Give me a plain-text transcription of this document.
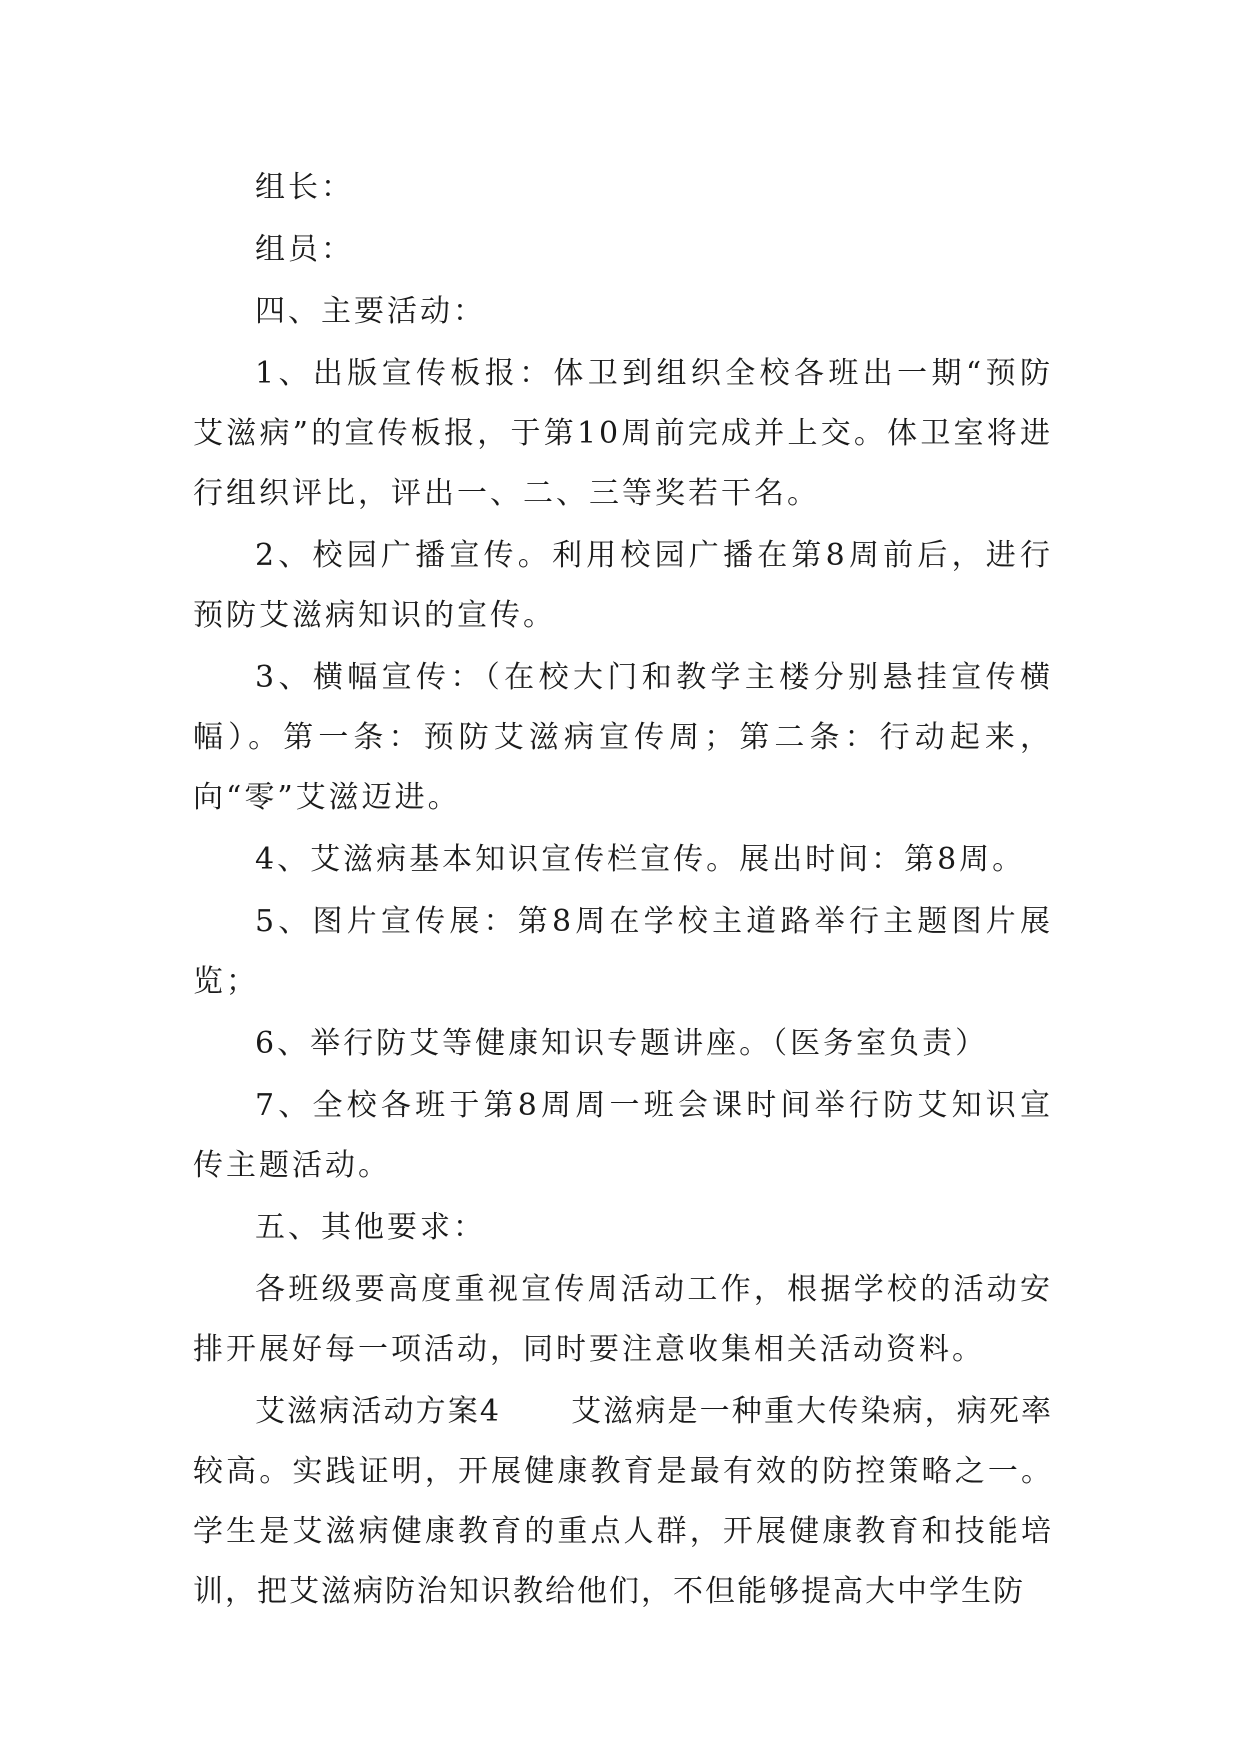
组长：

组员：

四、主要活动：

1、出版宣传板报：体卫到组织全校各班出一期“预防艾滋病”的宣传板报，于第10周前完成并上交。体卫室将进行组织评比，评出一、二、三等奖若干名。

2、校园广播宣传。利用校园广播在第8周前后，进行预防艾滋病知识的宣传。

3、横幅宣传：（在校大门和教学主楼分别悬挂宣传横幅）。第一条：预防艾滋病宣传周；第二条：行动起来，向“零”艾滋迈进。

4、艾滋病基本知识宣传栏宣传。展出时间：第8周。

5、图片宣传展：第8周在学校主道路举行主题图片展览；

6、举行防艾等健康知识专题讲座。（医务室负责）

7、全校各班于第8周周一班会课时间举行防艾知识宣传主题活动。

五、其他要求：

各班级要高度重视宣传周活动工作，根据学校的活动安排开展好每一项活动，同时要注意收集相关活动资料。

艾滋病活动方案4 艾滋病是一种重大传染病，病死率较高。实践证明，开展健康教育是最有效的防控策略之一。学生是艾滋病健康教育的重点人群，开展健康教育和技能培训，把艾滋病防治知识教给他们，不但能够提高大中学生防
